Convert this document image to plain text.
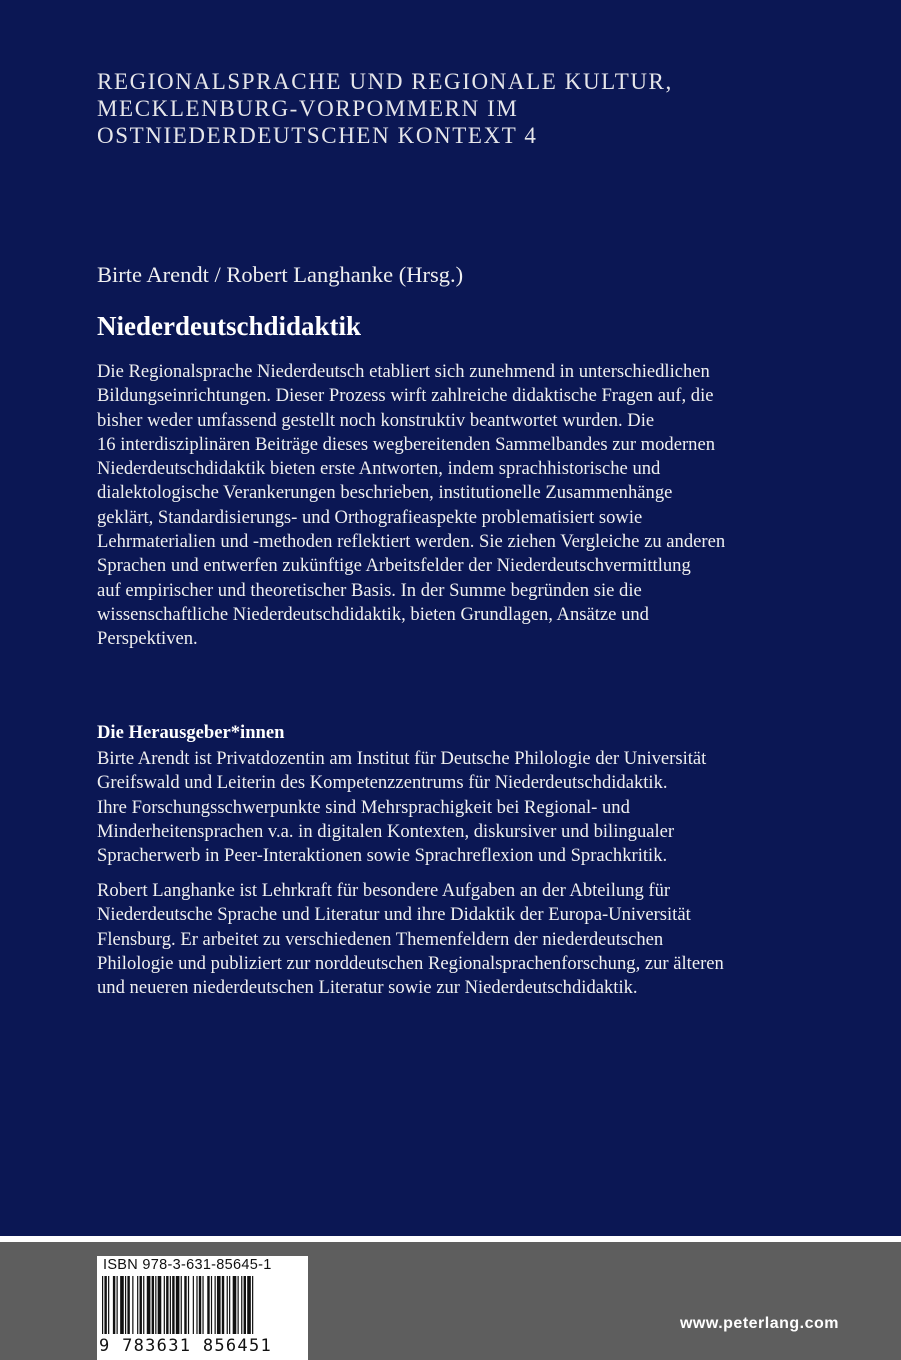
REGIONALSPRACHE UND REGIONALE KULTUR,
MECKLENBURG-VORPOMMERN IM
OSTNIEDERDEUTSCHEN KONTEXT 4
Birte Arendt / Robert Langhanke (Hrsg.)
Niederdeutschdidaktik
Die Regionalsprache Niederdeutsch etabliert sich zunehmend in unterschiedlichen
Bildungseinrichtungen. Dieser Prozess wirft zahlreiche didaktische Fragen auf, die
bisher weder umfassend gestellt noch konstruktiv beantwortet wurden. Die
16 interdisziplinären Beiträge dieses wegbereitenden Sammelbandes zur modernen
Niederdeutschdidaktik bieten erste Antworten, indem sprachhistorische und
dialektologische Verankerungen beschrieben, institutionelle Zusammenhänge
geklärt, Standardisierungs- und Orthografieaspekte problematisiert sowie
Lehrmaterialien und -methoden reflektiert werden. Sie ziehen Vergleiche zu anderen
Sprachen und entwerfen zukünftige Arbeitsfelder der Niederdeutschvermittlung
auf empirischer und theoretischer Basis. In der Summe begründen sie die
wissenschaftliche Niederdeutschdidaktik, bieten Grundlagen, Ansätze und
Perspektiven.
Die Herausgeber*innen
Birte Arendt ist Privatdozentin am Institut für Deutsche Philologie der Universität
Greifswald und Leiterin des Kompetenzzentrums für Niederdeutschdidaktik.
Ihre Forschungsschwerpunkte sind Mehrsprachigkeit bei Regional- und
Minderheitensprachen v.a. in digitalen Kontexten, diskursiver und bilingualer
Spracherwerb in Peer-Interaktionen sowie Sprachreflexion und Sprachkritik.
Robert Langhanke ist Lehrkraft für besondere Aufgaben an der Abteilung für
Niederdeutsche Sprache und Literatur und ihre Didaktik der Europa-Universität
Flensburg. Er arbeitet zu verschiedenen Themenfeldern der niederdeutschen
Philologie und publiziert zur norddeutschen Regionalsprachenforschung, zur älteren
und neueren niederdeutschen Literatur sowie zur Niederdeutschdidaktik.
ISBN 978-3-631-85645-1
9 783631 856451
www.peterlang.com
